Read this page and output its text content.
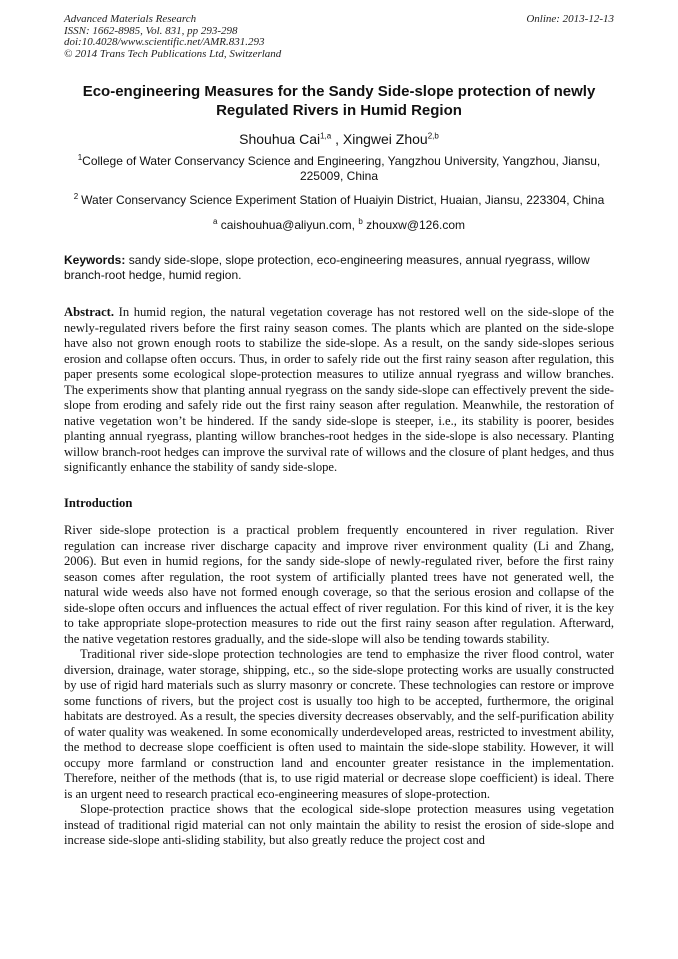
Advanced Materials Research
ISSN: 1662-8985, Vol. 831, pp 293-298
doi:10.4028/www.scientific.net/AMR.831.293
© 2014 Trans Tech Publications Ltd, Switzerland
Online: 2013-12-13
Eco-engineering Measures for the Sandy Side-slope protection of newly Regulated Rivers in Humid Region
Shouhua Cai$^{1,a}$ , Xingwei Zhou$^{2,b}$
$^1$College of Water Conservancy Science and Engineering, Yangzhou University, Yangzhou, Jiansu, 225009, China
$^2$ Water Conservancy Science Experiment Station of Huaiyin District, Huaian, Jiansu, 223304, China
$^a$ caishouhua@aliyun.com, $^b$ zhouxw@126.com
Keywords: sandy side-slope, slope protection, eco-engineering measures, annual ryegrass, willow branch-root hedge, humid region.
Abstract. In humid region, the natural vegetation coverage has not restored well on the side-slope of the newly-regulated rivers before the first rainy season comes. The plants which are planted on the side-slope have also not grown enough roots to stabilize the side-slope. As a result, on the sandy side-slopes serious erosion and collapse often occurs. Thus, in order to safely ride out the first rainy season after regulation, this paper presents some ecological slope-protection measures to utilize annual ryegrass and willow branches. The experiments show that planting annual ryegrass on the sandy side-slope can effectively prevent the side-slope from eroding and safely ride out the first rainy season after regulation. Meanwhile, the restoration of native vegetation won’t be hindered. If the sandy side-slope is steeper, i.e., its stability is poorer, besides planting annual ryegrass, planting willow branches-root hedges in the side-slope is also necessary. Planting willow branch-root hedges can improve the survival rate of willows and the closure of plant hedges, and thus significantly enhance the stability of sandy side-slope.
Introduction

River side-slope protection is a practical problem frequently encountered in river regulation. River regulation can increase river discharge capacity and improve river environment quality (Li and Zhang, 2006). But even in humid regions, for the sandy side-slope of newly-regulated river, before the first rainy season comes after regulation, the root system of artificially planted trees have not generated well, the natural wide weeds also have not formed enough coverage, so that the serious erosion and collapse of the side-slope often occurs and influences the actual effect of river regulation. For this kind of river, it is the key to take appropriate slope-protection measures to ride out the first rainy season after regulation. Afterward, the native vegetation restores gradually, and the side-slope will also be tending towards stability.

Traditional river side-slope protection technologies are tend to emphasize the river flood control, water diversion, drainage, water storage, shipping, etc., so the side-slope protecting works are usually constructed by use of rigid hard materials such as slurry masonry or concrete. These technologies can restore or improve some functions of rivers, but the project cost is usually too high to be accepted, furthermore, the original habitats are destroyed. As a result, the species diversity decreases observably, and the self-purification ability of water quality was weakened. In some economically underdeveloped areas, restricted to investment ability, the method to decrease slope coefficient is often used to maintain the side-slope stability. However, it will occupy more farmland or construction land and encounter greater resistance in the implementation. Therefore, neither of the methods (that is, to use rigid material or decrease slope coefficient) is ideal. There is an urgent need to research practical eco-engineering measures of slope-protection.

Slope-protection practice shows that the ecological side-slope protection measures using vegetation instead of traditional rigid material can not only maintain the ability to resist the erosion of side-slope and increase side-slope anti-sliding stability, but also greatly reduce the project cost and
